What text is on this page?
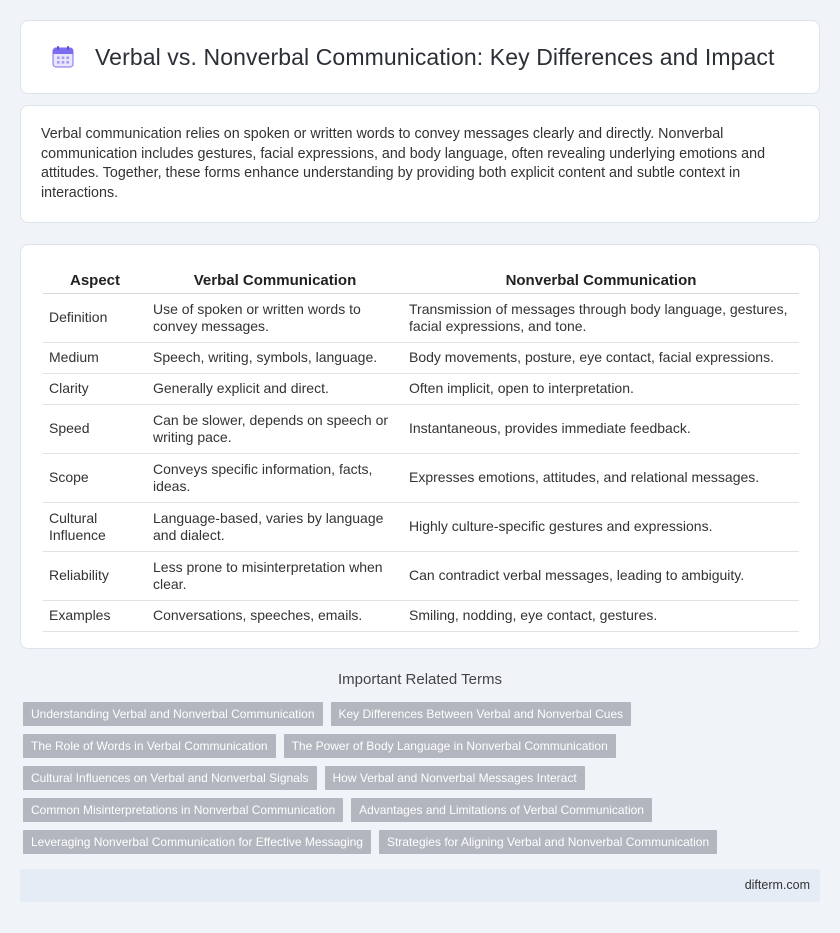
Verbal vs. Nonverbal Communication: Key Differences and Impact

Verbal communication relies on spoken or written words to convey messages clearly and directly. Nonverbal communication includes gestures, facial expressions, and body language, often revealing underlying emotions and attitudes. Together, these forms enhance understanding by providing both explicit content and subtle context in interactions.

Aspect	Verbal Communication	Nonverbal Communication
Definition	Use of spoken or written words to convey messages.	Transmission of messages through body language, gestures, facial expressions, and tone.
Medium	Speech, writing, symbols, language.	Body movements, posture, eye contact, facial expressions.
Clarity	Generally explicit and direct.	Often implicit, open to interpretation.
Speed	Can be slower, depends on speech or writing pace.	Instantaneous, provides immediate feedback.
Scope	Conveys specific information, facts, ideas.	Expresses emotions, attitudes, and relational messages.
Cultural Influence	Language-based, varies by language and dialect.	Highly culture-specific gestures and expressions.
Reliability	Less prone to misinterpretation when clear.	Can contradict verbal messages, leading to ambiguity.
Examples	Conversations, speeches, emails.	Smiling, nodding, eye contact, gestures.
Important Related Terms
Understanding Verbal and Nonverbal Communication	Key Differences Between Verbal and Nonverbal Cues
The Role of Words in Verbal Communication	The Power of Body Language in Nonverbal Communication
Cultural Influences on Verbal and Nonverbal Signals	How Verbal and Nonverbal Messages Interact
Common Misinterpretations in Nonverbal Communication	Advantages and Limitations of Verbal Communication
Leveraging Nonverbal Communication for Effective Messaging	Strategies for Aligning Verbal and Nonverbal Communication
difterm.com
